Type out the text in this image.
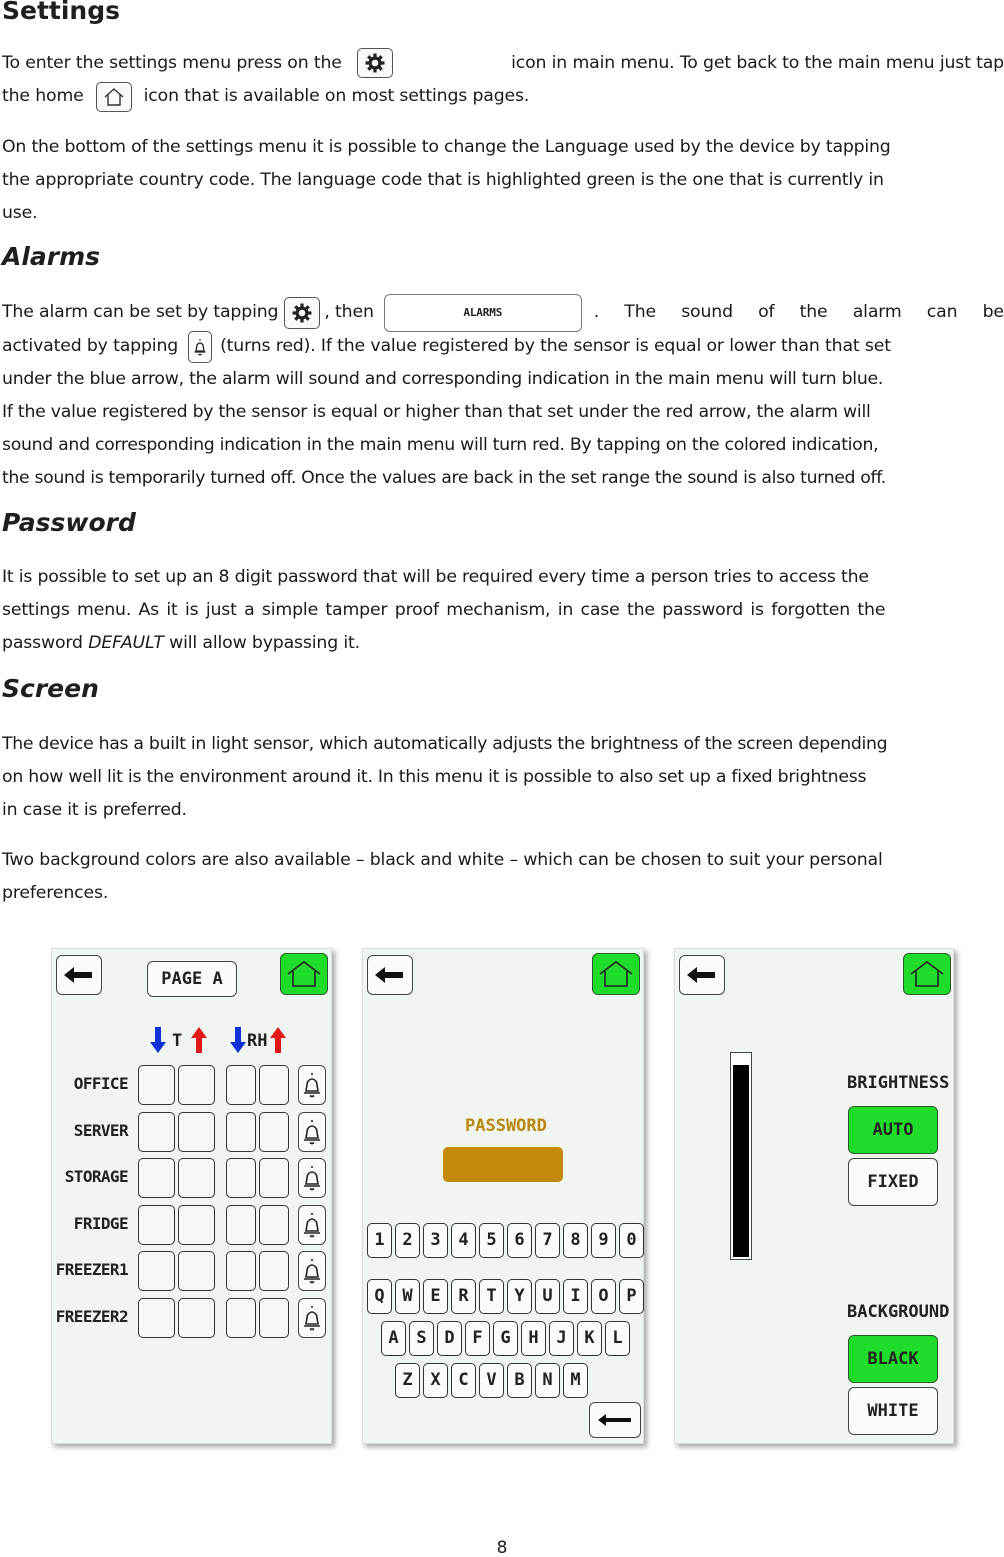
Settings
To enter the settings menu press on the	icon in main menu. To get back to the main menu just tap
the home	icon that is available on most settings pages.
On the bottom of the settings menu it is possible to change the Language used by the device by tapping
the appropriate country code. The language code that is highlighted green is the one that is currently in
use.
Alarms
The alarm can be set by tapping	, then	ALARMS	. The sound of the alarm can be
activated by tapping (turns red). If the value registered by the sensor is equal or lower than that set
under the blue arrow, the alarm will sound and corresponding indication in the main menu will turn blue.
If the value registered by the sensor is equal or higher than that set under the red arrow, the alarm will
sound and corresponding indication in the main menu will turn red. By tapping on the colored indication,
the sound is temporarily turned off. Once the values are back in the set range the sound is also turned off.
Password
It is possible to set up an 8 digit password that will be required every time a person tries to access the
settings menu. As it is just a simple tamper proof mechanism, in case the password is forgotten the
password DEFAULT will allow bypassing it.
Screen
The device has a built in light sensor, which automatically adjusts the brightness of the screen depending
on how well lit is the environment around it. In this menu it is possible to also set up a fixed brightness
in case it is preferred.
Two background colors are also available – black and white – which can be chosen to suit your personal
preferences.
PAGE A
T	RH
OFFICE
SERVER
STORAGE
FRIDGE
FREEZER1
FREEZER2
PASSWORD
1	2	3	4	5	6	7	8	9	0
Q	W	E	R	T	Y	U	I	O	P
A	S	D	F	G	H	J	K	L
Z	X	C	V	B	N	M
BRIGHTNESS
AUTO
FIXED
BACKGROUND
BLACK
WHITE
8
